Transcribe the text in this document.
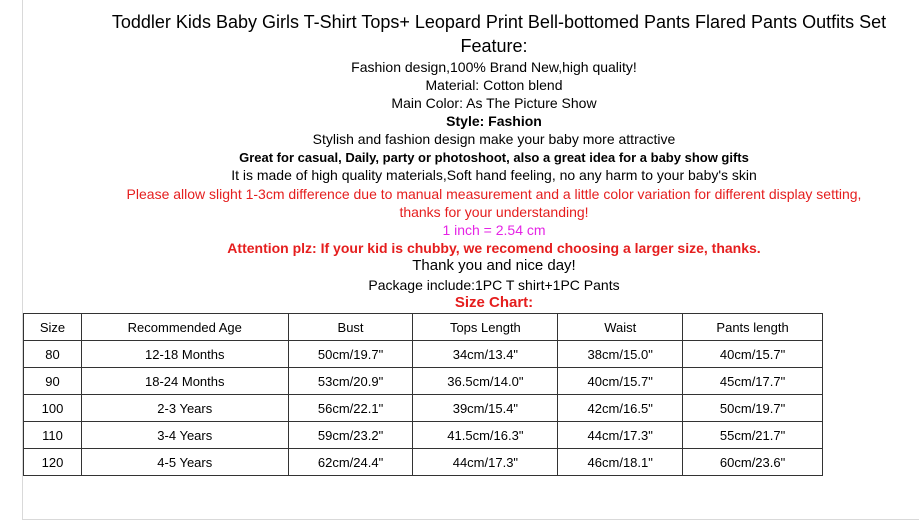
Toddler Kids Baby Girls T-Shirt Tops+ Leopard Print Bell-bottomed Pants Flared Pants Outfits Set
Feature:
Fashion design,100% Brand New,high quality!
Material: Cotton blend
Main Color: As The Picture Show
Style: Fashion
Stylish and fashion design make your baby more attractive
Great for casual, Daily, party or photoshoot, also a great idea for a baby show gifts
It is made of high quality materials,Soft hand feeling, no any harm to your baby's skin
Please allow slight 1-3cm difference due to manual measurement and a little color variation for different display setting,
thanks for your understanding!
1 inch = 2.54 cm
Attention plz: If your kid is chubby, we recomend choosing a larger size, thanks.
Thank you and nice day!
Package include:1PC T shirt+1PC Pants
Size Chart:
Size	Recommended Age	Bust	Tops Length	Waist	Pants length
80	12-18 Months	50cm/19.7"	34cm/13.4"	38cm/15.0"	40cm/15.7"
90	18-24 Months	53cm/20.9"	36.5cm/14.0"	40cm/15.7"	45cm/17.7"
100	2-3 Years	56cm/22.1"	39cm/15.4"	42cm/16.5"	50cm/19.7"
110	3-4 Years	59cm/23.2"	41.5cm/16.3"	44cm/17.3"	55cm/21.7"
120	4-5 Years	62cm/24.4"	44cm/17.3"	46cm/18.1"	60cm/23.6"
